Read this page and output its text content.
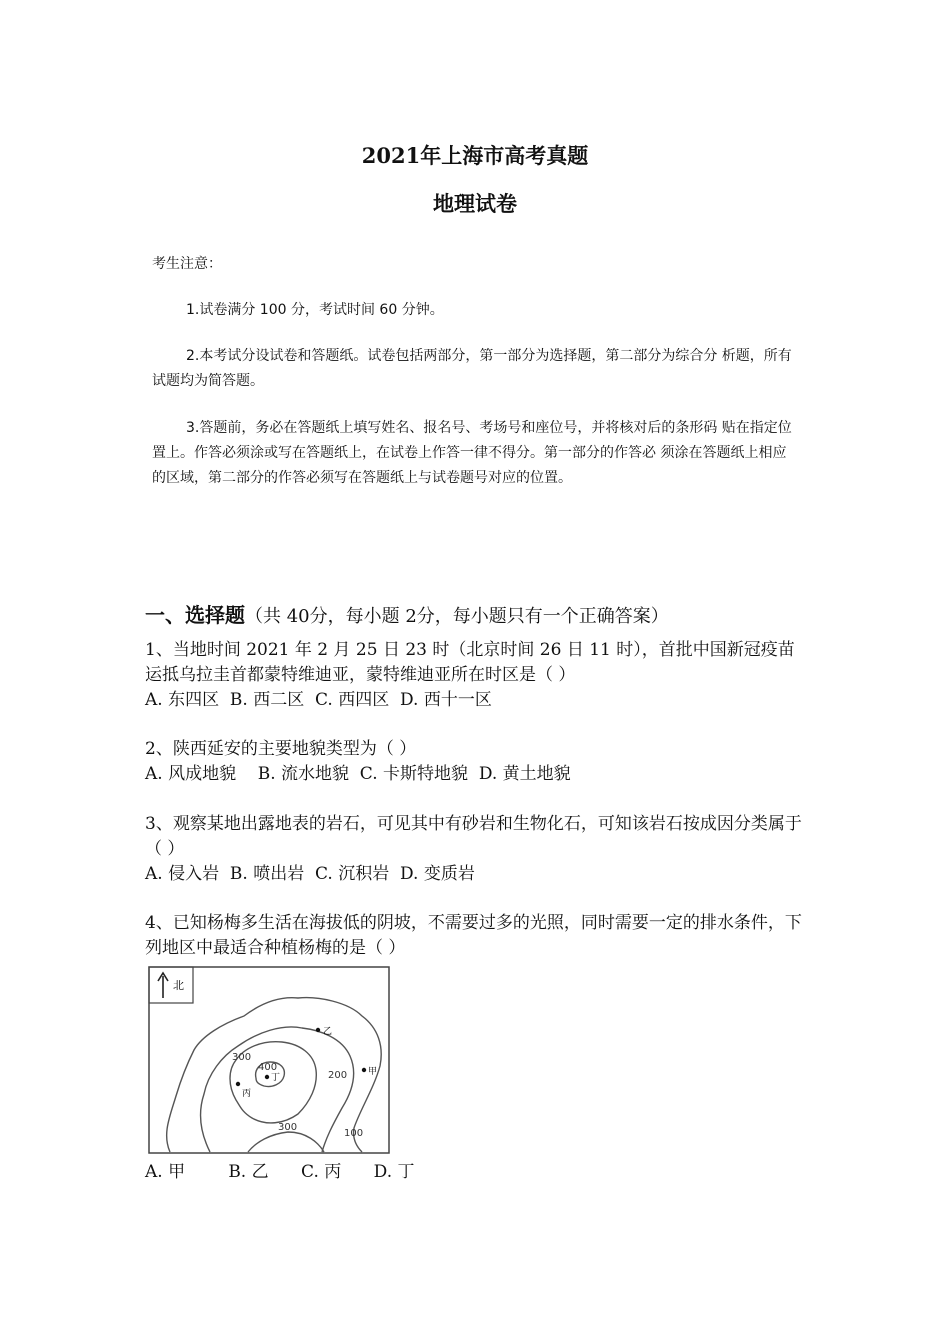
2021年上海市高考真题
地理试卷
考生注意：
1.试卷满分 100 分，考试时间 60 分钟。
2.本考试分设试卷和答题纸。试卷包括两部分，第一部分为选择题，第二部分为综合分 析题，所有试题均为简答题。
3.答题前，务必在答题纸上填写姓名、报名号、考场号和座位号，并将核对后的条形码 贴在指定位置上。作答必须涂或写在答题纸上，在试卷上作答一律不得分。第一部分的作答必 须涂在答题纸上相应的区域，第二部分的作答必须写在答题纸上与试卷题号对应的位置。
一、选择题（共 40分，每小题 2分，每小题只有一个正确答案）
1、当地时间 2021 年 2 月 25 日 23 时（北京时间 26 日 11 时），首批中国新冠疫苗运抵乌拉圭首都蒙特维迪亚，蒙特维迪亚所在时区是（ ）
A. 东四区  B. 西二区  C. 西四区  D. 西十一区
2、陕西延安的主要地貌类型为（ ）
A. 风成地貌    B. 流水地貌  C. 卡斯特地貌  D. 黄土地貌
3、观察某地出露地表的岩石，可见其中有砂岩和生物化石，可知该岩石按成因分类属于（ ）
A. 侵入岩  B. 喷出岩  C. 沉积岩  D. 变质岩
4、已知杨梅多生活在海拔低的阴坡，不需要过多的光照，同时需要一定的排水条件，下列地区中最适合种植杨梅的是（ ）
北
300
400
200
300
100
乙
甲
丁
丙
A. 甲        B. 乙      C. 丙      D. 丁
